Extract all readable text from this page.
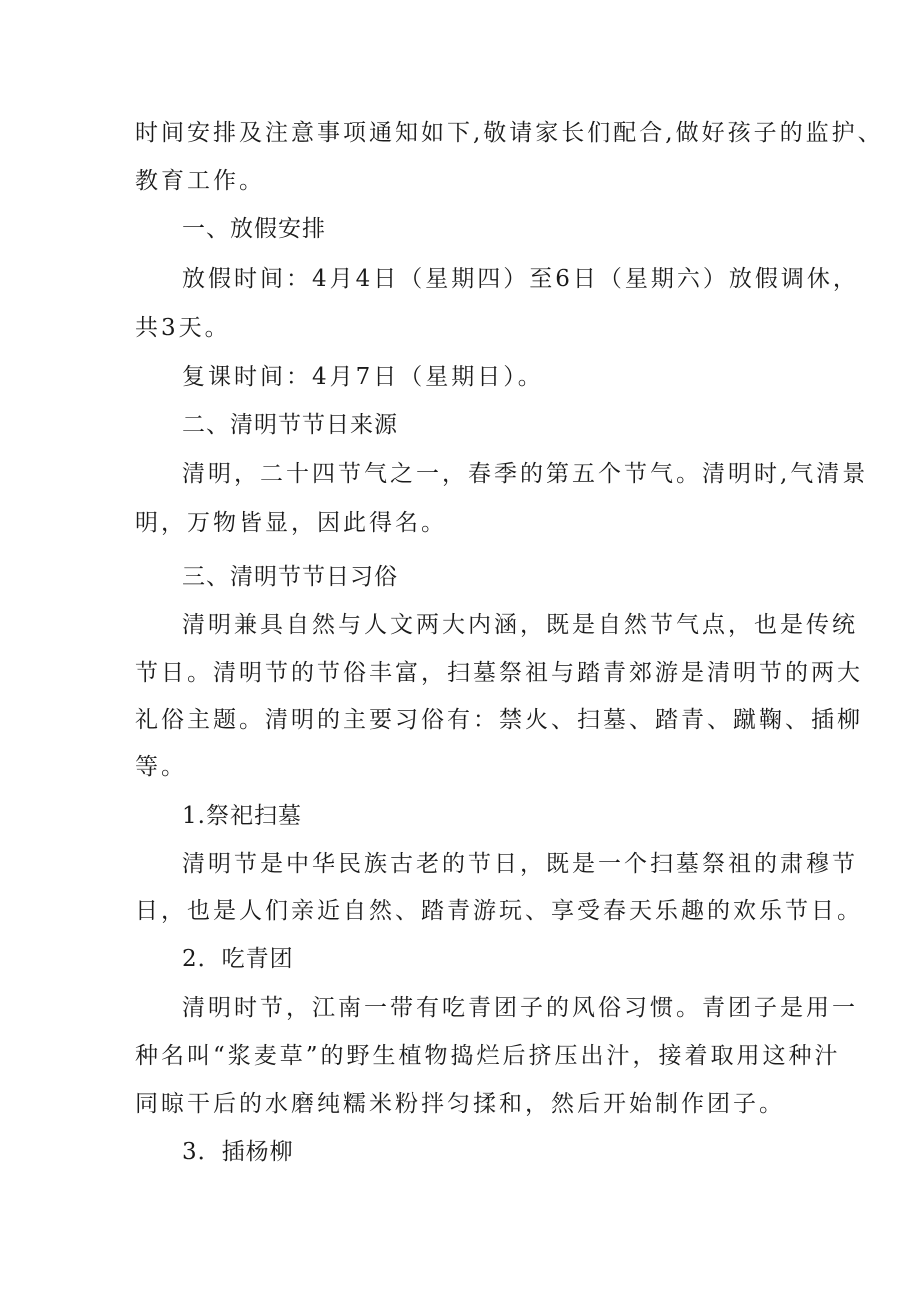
时间安排及注意事项通知如下,敬请家长们配合,做好孩子的监护、
教育工作。
一、放假安排
放假时间：4月4日（星期四）至6日（星期六）放假调休，
共3天。
复课时间：4月7日（星期日）。
二、清明节节日来源
清明，二十四节气之一，春季的第五个节气。清明时,气清景
明，万物皆显，因此得名。
三、清明节节日习俗
清明兼具自然与人文两大内涵，既是自然节气点，也是传统
节日。清明节的节俗丰富，扫墓祭祖与踏青郊游是清明节的两大
礼俗主题。清明的主要习俗有：禁火、扫墓、踏青、蹴鞠、插柳
等。
1.祭祀扫墓
清明节是中华民族古老的节日，既是一个扫墓祭祖的肃穆节
日，也是人们亲近自然、踏青游玩、享受春天乐趣的欢乐节日。
2．吃青团
清明时节，江南一带有吃青团子的风俗习惯。青团子是用一
种名叫“浆麦草”的野生植物捣烂后挤压出汁，接着取用这种汁
同晾干后的水磨纯糯米粉拌匀揉和，然后开始制作团子。
3．插杨柳
